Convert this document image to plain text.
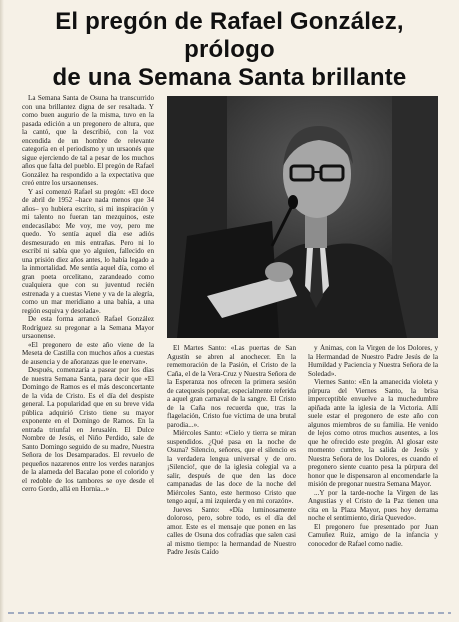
El pregón de Rafael González, prólogo
de una Semana Santa brillante

La Semana Santa de Osuna ha transcurrido con una brillantez digna de ser resaltada. Y como buen augurio de la misma, tuvo en la pasada edición a un pregonero de altura, que la cantó, que la describió, con la voz encendida de un hombre de relevante categoría en el periodismo y un ursaonés que sigue ejerciendo de tal a pesar de los muchos años que falta del pueblo. El pregón de Rafael González ha respondido a la expectativa que creó entre los ursaonenses.

Y así comenzó Rafael su pregón: «El doce de abril de 1952 –hace nada menos que 34 años– yo hubiera escrito, si mi inspiración y mi talento no fueran tan mezquinos, este endecasílabo: Me voy, me voy, pero me quedo. Yo sentía aquel día ese adiós desmesurado en mis entrañas. Pero ni lo escribí ni sabía que yo alguien, fallecido en una prisión diez años antes, lo había legado a la inmortalidad. Me sentía aquel día, como el gran poeta orcelitano, zarandeado como cualquiera que con su juventud recién estrenada y a cuestas Viene y va de la alegría, como un mar meridiano a una bahía, a una región esquiva y desolada».

De esta forma arrancó Rafael González Rodríguez su pregonar a la Semana Mayor ursaonense.

«El pregonero de este año viene de la Meseta de Castilla con muchos años a cuestas de ausencia y de añoranzas que le enervan».

Después, comenzaría a pasear por los días de nuestra Semana Santa, para decir que «El Domingo de Ramos es el más desconcertante de la vida de Cristo. Es el día del despiste general. La popularidad que en su breve vida pública adquirió Cristo tiene su mayor exponente en el Domingo de Ramos. En la entrada triunfal en Jerusalén. El Dulce Nombre de Jesús, el Niño Perdido, sale de Santo Domingo seguido de su madre, Nuestra Señora de los Desamparados. El revuelo de pequeños nazarenos entre los verdes naranjos de la alameda del Bacalao pone el colorido y el redoble de los tambores se oye desde el cerro Gordo, allá en Hornia...»

El Martes Santo: «Las puertas de San Agustín se abren al anochecer. En la rememoración de la Pasión, el Cristo de la Caña, el de la Vera-Cruz y Nuestra Señora de la Esperanza nos ofrecen la primera sesión de catequesis popular, especialmente referida a aquel gran carnaval de la sangre. El Cristo de la Caña nos recuerda que, tras la flagelación, Cristo fue víctima de una brutal parodia...».

Miércoles Santo: «Cielo y tierra se miran suspendidos. ¿Qué pasa en la noche de Osuna? Silencio, señores, que el silencio es la verdadera lengua universal y de oro. ¡Silencio!, que de la iglesia colegial va a salir, después de que den las doce campanadas de las doce de la noche del Miércoles Santo, este hermoso Cristo que tengo aquí, a mi izquierda y en mi corazón».

Jueves Santo: «Día luminosamente doloroso, pero, sobre todo, es el día del amor. Este es el mensaje que ponen en las calles de Osuna dos cofradías que salen casi al mismo tiempo: la hermandad de Nuestro Padre Jesús Caído

y Ánimas, con la Virgen de los Dolores, y la Hermandad de Nuestro Padre Jesús de la Humildad y Paciencia y Nuestra Señora de la Soledad».

Viernes Santo: «En la amanecida violeta y púrpura del Viernes Santo, la brisa imperceptible envuelve a la muchedumbre apiñada ante la iglesia de la Victoria. Allí suele estar el pregonero de este año con algunos miembros de su familia. He venido de lejos como otros muchos ausentes, a los que he ofrecido este pregón. Al glosar este momento cumbre, la salida de Jesús y Nuestra Señora de los Dolores, es cuando el pregonero siente cuanto pesa la púrpura del honor que le dispensaron al encomendarle la misión de pregonar nuestra Semana Mayor.

...Y por la tarde-noche la Virgen de las Angustias y el Cristo de la Paz tienen una cita en la Plaza Mayor, pues hoy derrama noche el sentimiento, diría Quevedo».

El pregonero fue presentado por Juan Camuñez Ruiz, amigo de la infancia y conocedor de Rafael como nadie.
